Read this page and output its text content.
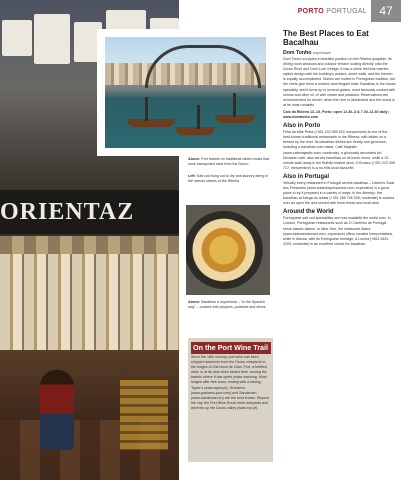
ORIENTAZ
PORTO PORTUGAL	47
Above: Port barrels on traditional rabelo boats that once transported wine from the Douro
Left: Salt cod hung out to dry and laundry airing in the narrow streets of the Ribeira
Above: Bacalhau à espanhola – "in the Spanish way" – cooked with peppers, potatoes and olives
On the Port Wine Trail
Since the 18th century, port wine has been shipped downriver from the Douro vineyards to the lodges of Vila Nova de Gaia. Port, a fortified wine, is at its best when tasted here, among the barrels where it has spent years maturing. Most lodges offer free tours, ending with a tasting. Taylor's (www.taylor.pt), Graham's (www.grahams-port.com) and Sandeman (www.sandeman.eu) are the best known. Beyond the city, the Port Wine Route links vineyards and wineries up the Douro valley (www.rvp.pt).
The Best Places to Eat Bacalhau
Dom Tonho expensive

Dom Tonho occupies a beautiful position on the Ribeira quayside, its dining room windows and outdoor terrace looking directly onto the Douro River and Dom Luís I bridge. It has a sleek feel that marries stylish design with the building's ancient, stone walls, and the kitchen is equally accomplished. Dishes are rooted in Portuguese tradition, but the chefs give them a modern and elegant twist. Bacalhau is the house speciality, and it turns up in several guises, most famously cooked with onions and olive oil, or with cream and potatoes. Reservations are recommended for dinner, when the river is illuminated and the mood is at its most romantic.

Cais da Ribeira 13–15, Porto; open 12.30–3 & 7.30–11.30 daily; www.domtonho.com

Also in Porto

Filha da Mãe Preta (+351 222 055 515; inexpensive) is one of the best-known traditional restaurants in the Ribeira, with tables on a terrace by the river. Its bacalhau dishes are hearty and generous, including a bacalhau com natas. Café Majestic (www.cafemajestic.com; moderate), a gloriously decorated Art Nouveau café, also serves bacalhau on its lunch menu, while a 10-minute walk away in the Bolhão market area, O Buraco (+351 222 006 717; inexpensive) is a no-frills local favourite.

Also in Portugal

Virtually every restaurant in Portugal serves bacalhau – Lisbon's Solar dos Presuntos (www.solardospresuntos.com; expensive) is a good place to try it prepared in a variety of ways. In the Alentejo, the bacalhau at Adega do Isaías (+351 266 746 339; moderate) is cooked over an open fire and served with fresh bread and local wine.

Around the World

Portuguese salt cod specialities are now available the world over. In London, Portuguese restaurants such as O Cantinho de Portugal serve classic dishes. In New York, the restaurant Aldea (www.aldearestaurant.com; expensive) offers creative interpretations, while in Macau, with its Portuguese heritage, A Lorcha (+853 2831 3193; moderate) is an excellent choice for bacalhau.
